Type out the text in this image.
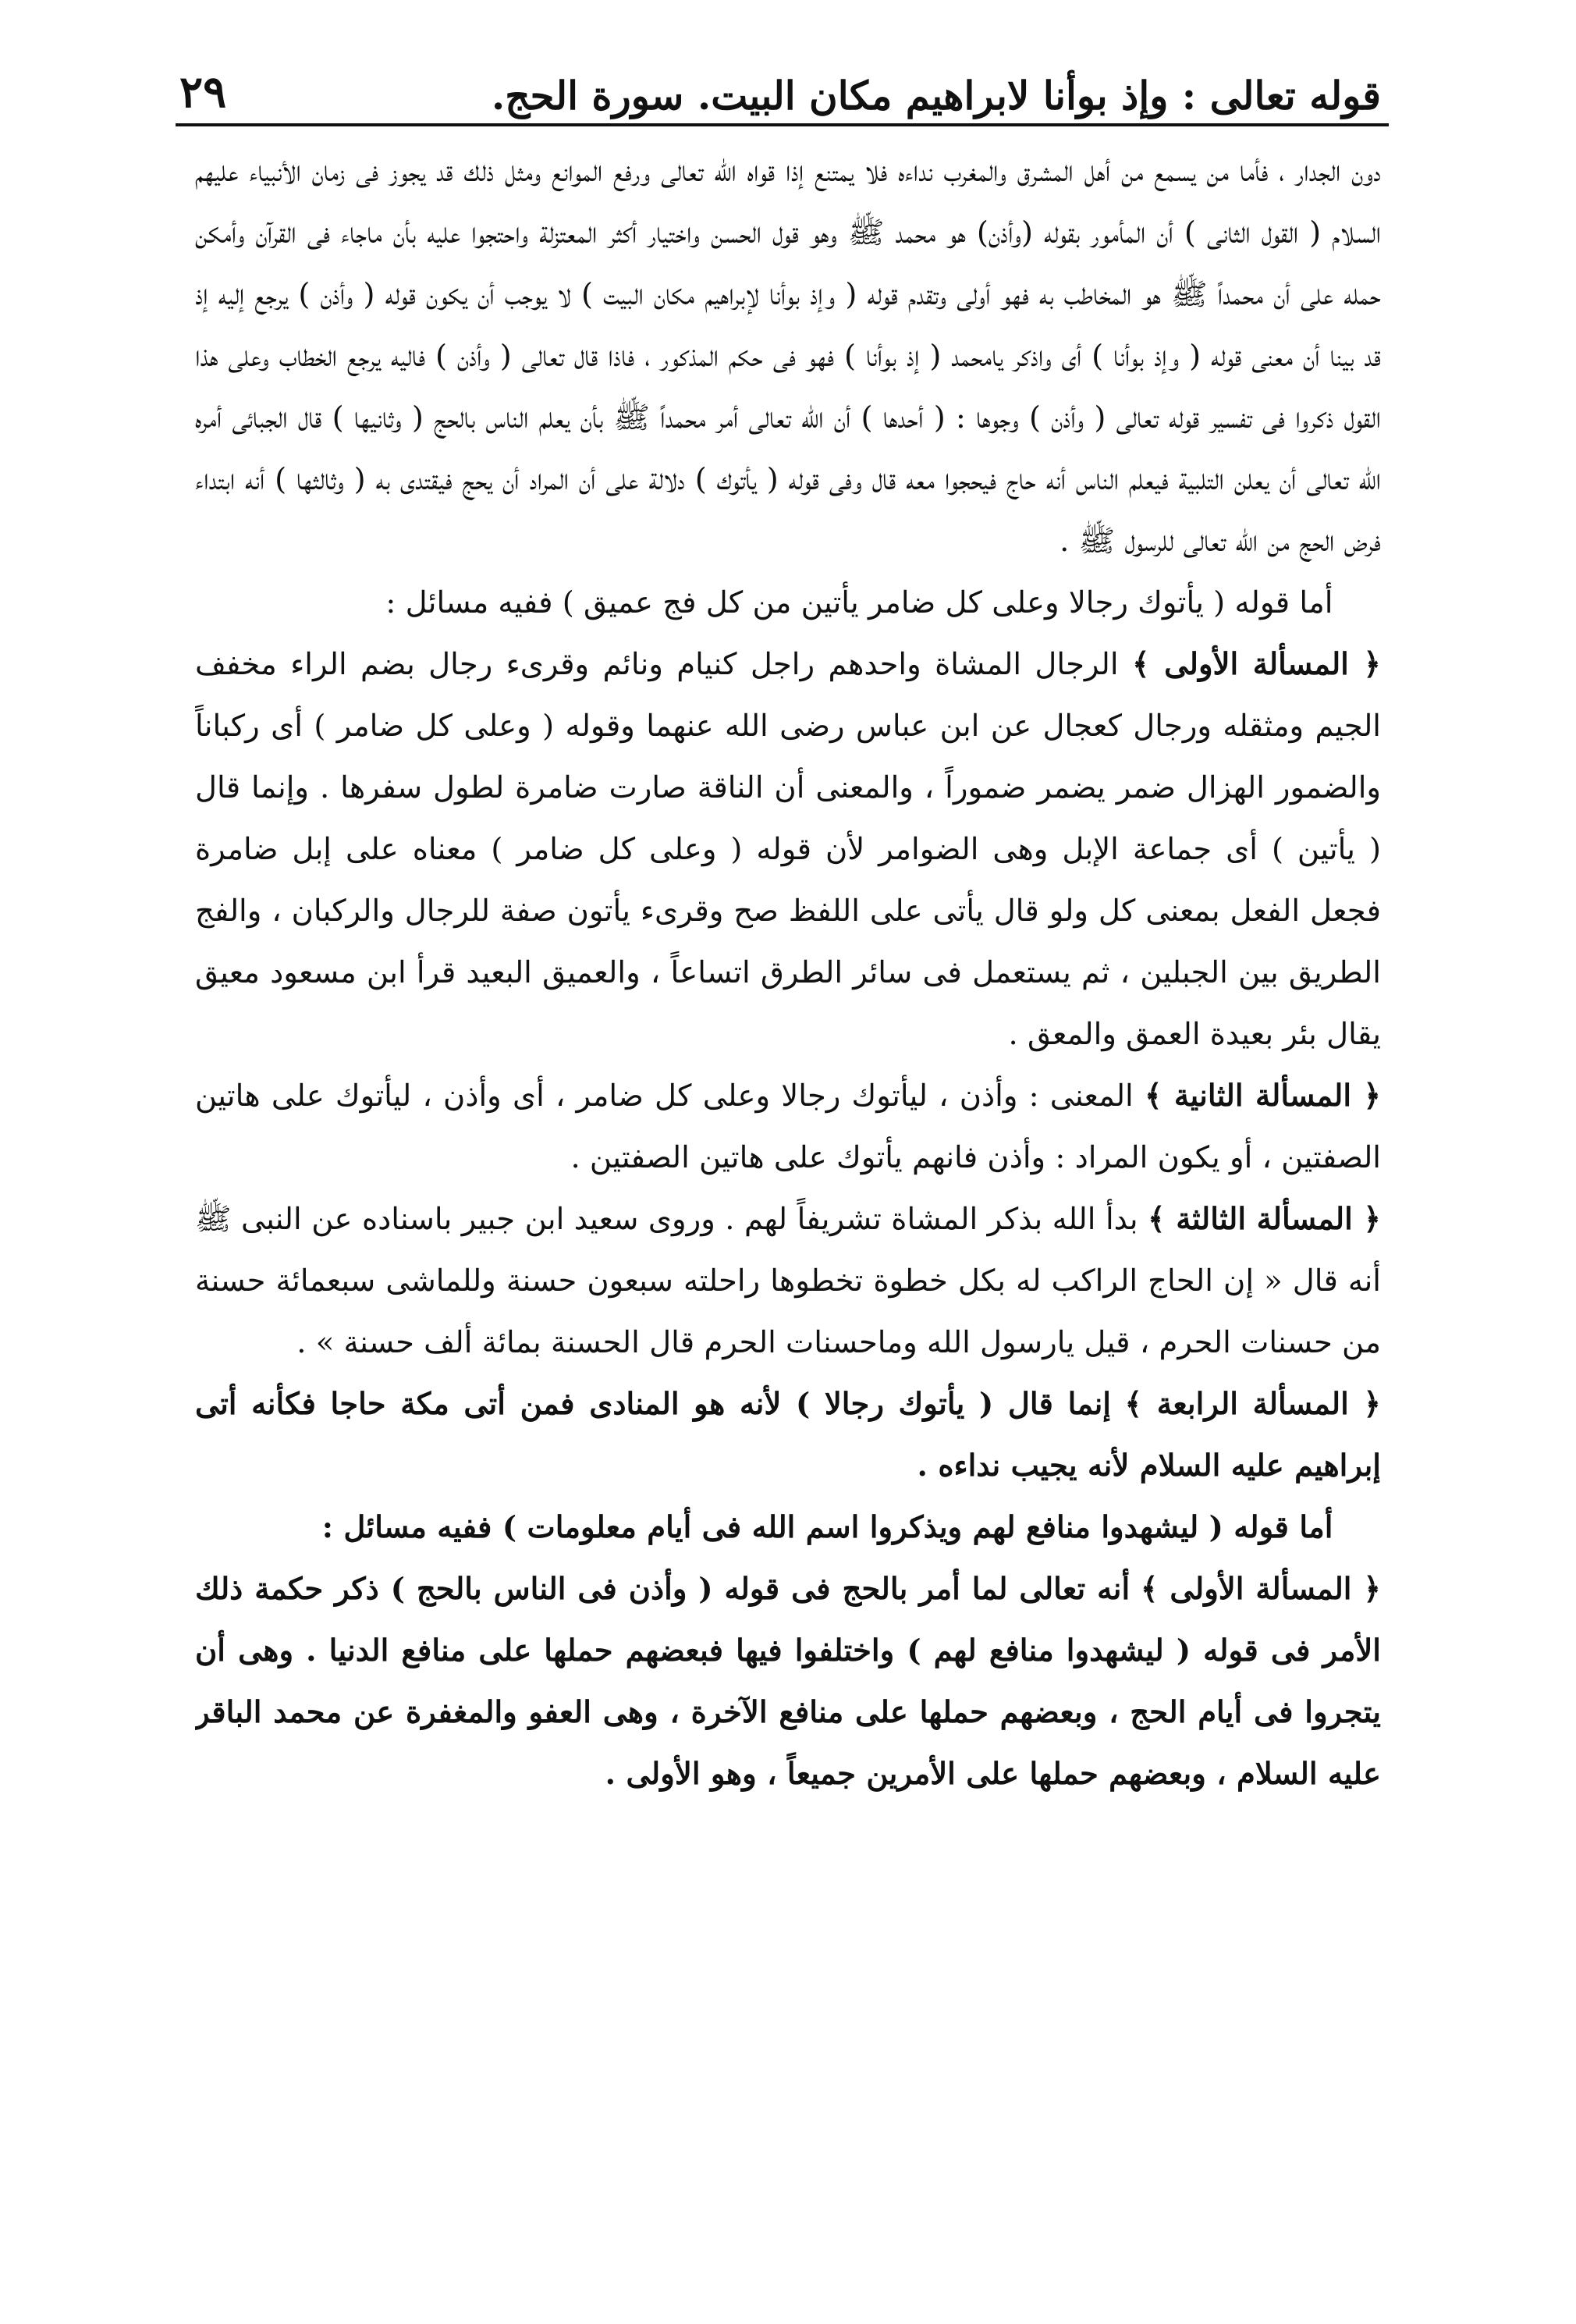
قوله تعالى : وإذ بوأنا لابراهيم مكان البيت. سورة الحج.
٢٩

دون الجدار ، فأما من يسمع من أهل المشرق والمغرب نداءه فلا يمتنع إذا قواه الله تعالى ورفع الموانع ومثل ذلك قد يجوز فى زمان الأنبياء عليهم السلام ( القول الثانى ) أن المأمور بقوله (وأذن) هو محمد ﷺ وهو قول الحسن واختيار أكثر المعتزلة واحتجوا عليه بأن ماجاء فى القرآن وأمكن حمله على أن محمداً ﷺ هو المخاطب به فهو أولى وتقدم قوله ( وإذ بوأنا لإبراهيم مكان البيت ) لا يوجب أن يكون قوله ( وأذن ) يرجع إليه إذ قد بينا أن معنى قوله ( وإذ بوأنا ) أى واذكر يامحمد ( إذ بوأنا ) فهو فى حكم المذكور ، فاذا قال تعالى ( وأذن ) فاليه يرجع الخطاب وعلى هذا القول ذكروا فى تفسير قوله تعالى ( وأذن ) وجوها : ( أحدها ) أن الله تعالى أمر محمداً ﷺ بأن يعلم الناس بالحج ( وثانيها ) قال الجبائى أمره الله تعالى أن يعلن التلبية فيعلم الناس أنه حاج فيحجوا معه قال وفى قوله ( يأتوك ) دلالة على أن المراد أن يحج فيقتدى به ( وثالثها ) أنه ابتداء فرض الحج من الله تعالى للرسول ﷺ .

أما قوله ( يأتوك رجالا وعلى كل ضامر يأتين من كل فج عميق ) ففيه مسائل :

﴿ المسألة الأولى ﴾ الرجال المشاة واحدهم راجل كنيام ونائم وقرىء رجال بضم الراء مخفف الجيم ومثقله ورجال كعجال عن ابن عباس رضى الله عنهما وقوله ( وعلى كل ضامر ) أى ركباناً والضمور الهزال ضمر يضمر ضموراً ، والمعنى أن الناقة صارت ضامرة لطول سفرها . وإنما قال ( يأتين ) أى جماعة الإبل وهى الضوامر لأن قوله ( وعلى كل ضامر ) معناه على إبل ضامرة فجعل الفعل بمعنى كل ولو قال يأتى على اللفظ صح وقرىء يأتون صفة للرجال والركبان ، والفج الطريق بين الجبلين ، ثم يستعمل فى سائر الطرق اتساعاً ، والعميق البعيد قرأ ابن مسعود معيق يقال بئر بعيدة العمق والمعق .

﴿ المسألة الثانية ﴾ المعنى : وأذن ، ليأتوك رجالا وعلى كل ضامر ، أى وأذن ، ليأتوك على هاتين الصفتين ، أو يكون المراد : وأذن فانهم يأتوك على هاتين الصفتين .

﴿ المسألة الثالثة ﴾ بدأ الله بذكر المشاة تشريفاً لهم . وروى سعيد ابن جبير باسناده عن النبى ﷺ أنه قال « إن الحاج الراكب له بكل خطوة تخطوها راحلته سبعون حسنة وللماشى سبعمائة حسنة من حسنات الحرم ، قيل يارسول الله وماحسنات الحرم قال الحسنة بمائة ألف حسنة » .

﴿ المسألة الرابعة ﴾ إنما قال ( يأتوك رجالا ) لأنه هو المنادى فمن أتى مكة حاجا فكأنه أتى إبراهيم عليه السلام لأنه يجيب نداءه .

أما قوله ( ليشهدوا منافع لهم ويذكروا اسم الله فى أيام معلومات ) ففيه مسائل :

﴿ المسألة الأولى ﴾ أنه تعالى لما أمر بالحج فى قوله ( وأذن فى الناس بالحج ) ذكر حكمة ذلك الأمر فى قوله ( ليشهدوا منافع لهم ) واختلفوا فيها فبعضهم حملها على منافع الدنيا . وهى أن يتجروا فى أيام الحج ، وبعضهم حملها على منافع الآخرة ، وهى العفو والمغفرة عن محمد الباقر عليه السلام ، وبعضهم حملها على الأمرين جميعاً ، وهو الأولى .
